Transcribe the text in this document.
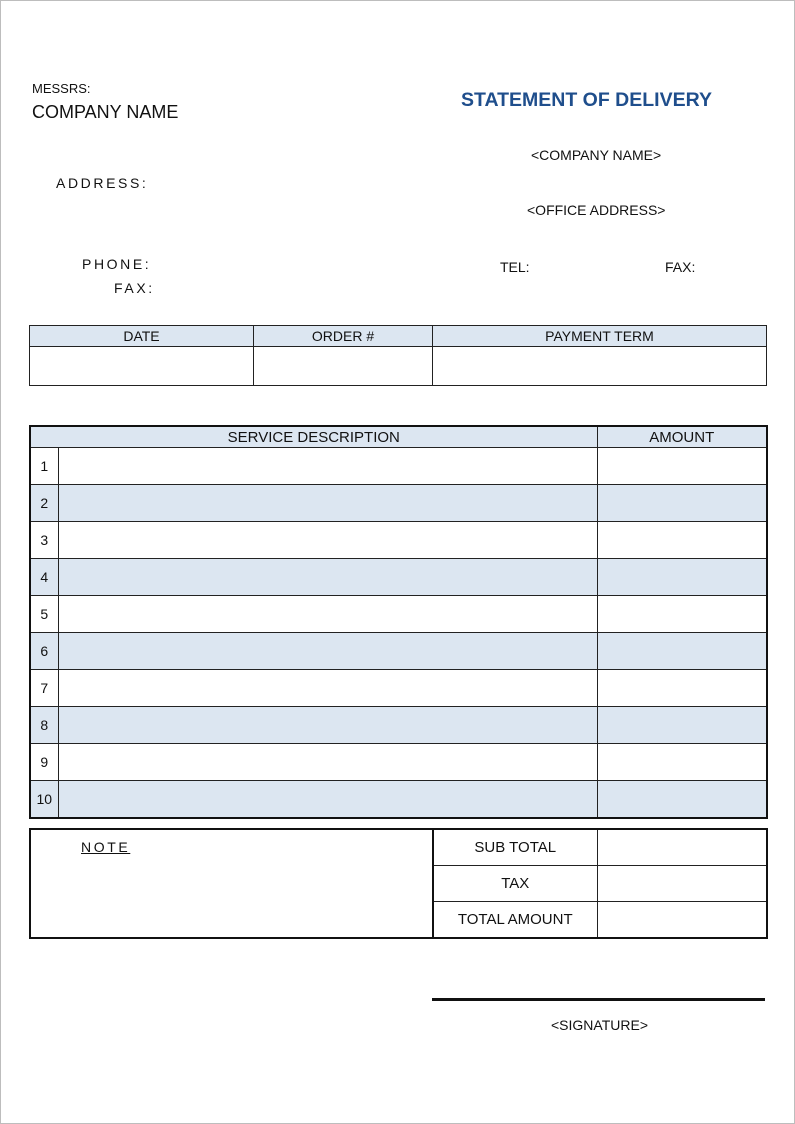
MESSRS:
COMPANY NAME
ADDRESS:
PHONE:
FAX:
STATEMENT OF DELIVERY
<COMPANY NAME>
<OFFICE ADDRESS>
TEL:	FAX:
DATE	ORDER #	PAYMENT TERM

SERVICE DESCRIPTION		AMOUNT
1		
2		
3		
4		
5		
6		
7		
8		
9		
10		
NOTE	SUB TOTAL	
	TAX	
	TOTAL AMOUNT	
<SIGNATURE>
